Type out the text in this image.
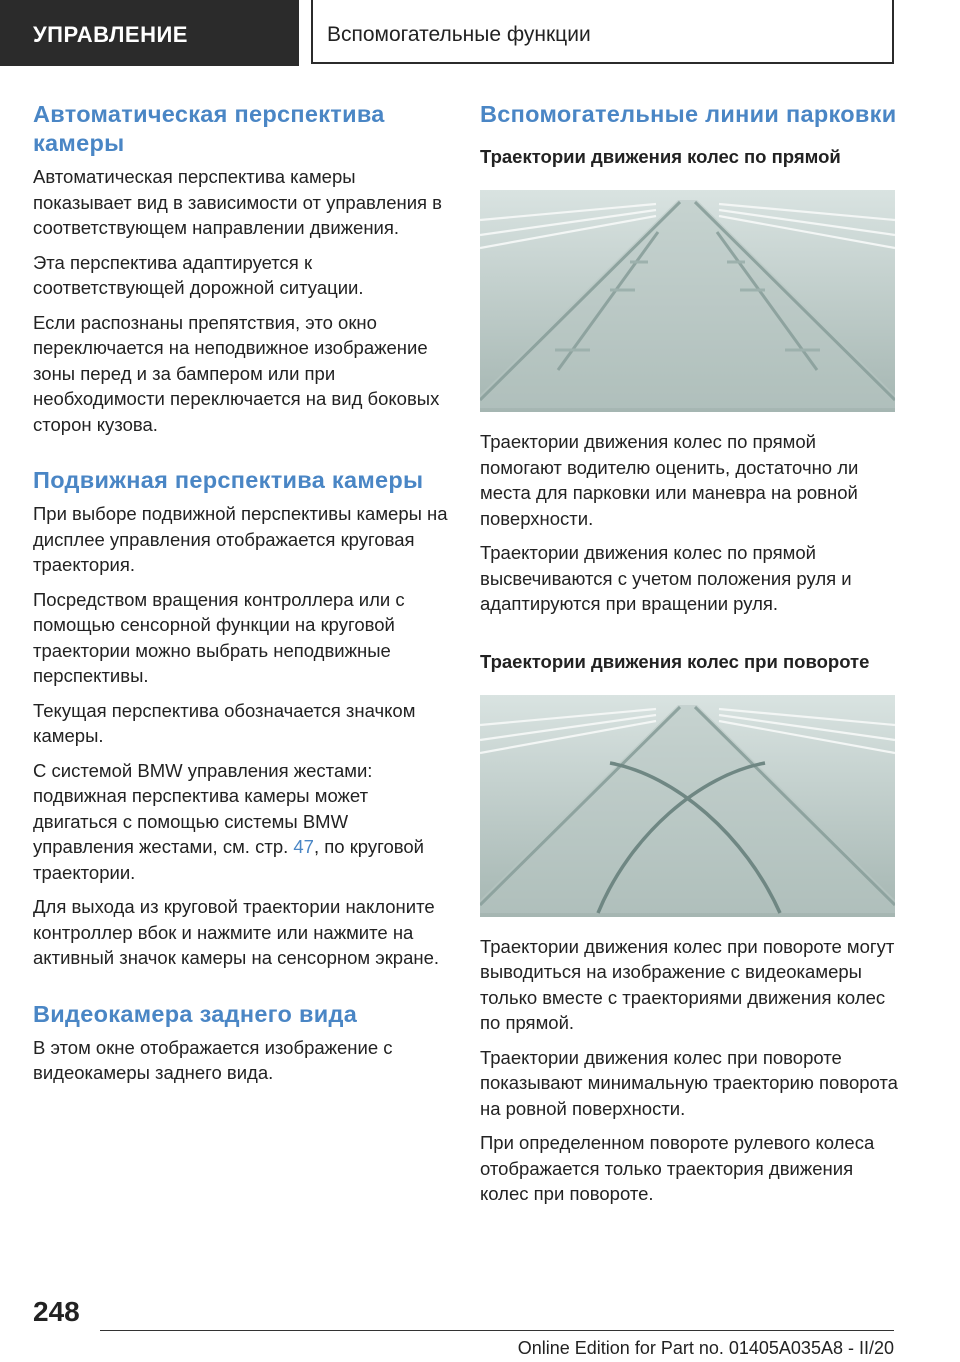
УПРАВЛЕНИЕ	Вспомогательные функции
Автоматическая перспектива камеры

Автоматическая перспектива камеры показывает вид в зависимости от управления в соответствующем направлении движения.

Эта перспектива адаптируется к соответствующей дорожной ситуации.

Если распознаны препятствия, это окно переключается на неподвижное изображение зоны перед и за бампером или при необходимости переключается на вид боковых сторон кузова.

Подвижная перспектива камеры

При выборе подвижной перспективы камеры на дисплее управления отображается круговая траектория.

Посредством вращения контроллера или с помощью сенсорной функции на круговой траектории можно выбрать неподвижные перспективы.

Текущая перспектива обозначается значком камеры.

С системой BMW управления жестами: подвижная перспектива камеры может двигаться с помощью системы BMW управления жестами, см. стр. 47, по круговой траектории.

Для выхода из круговой траектории наклоните контроллер вбок и нажмите или нажмите на активный значок камеры на сенсорном экране.

Видеокамера заднего вида

В этом окне отображается изображение с видеокамеры заднего вида.

Вспомогательные линии парковки
Траектории движения колес по прямой

Траектории движения колес по прямой помогают водителю оценить, достаточно ли места для парковки или маневра на ровной поверхности.

Траектории движения колес по прямой высвечиваются с учетом положения руля и адаптируются при вращении руля.

Траектории движения колес при повороте

Траектории движения колес при повороте могут выводиться на изображение с видеокамеры только вместе с траекториями движения колес по прямой.

Траектории движения колес при повороте показывают минимальную траекторию поворота на ровной поверхности.

При определенном повороте рулевого колеса отображается только траектория движения колес при повороте.

248
Online Edition for Part no. 01405A035A8 - II/20
